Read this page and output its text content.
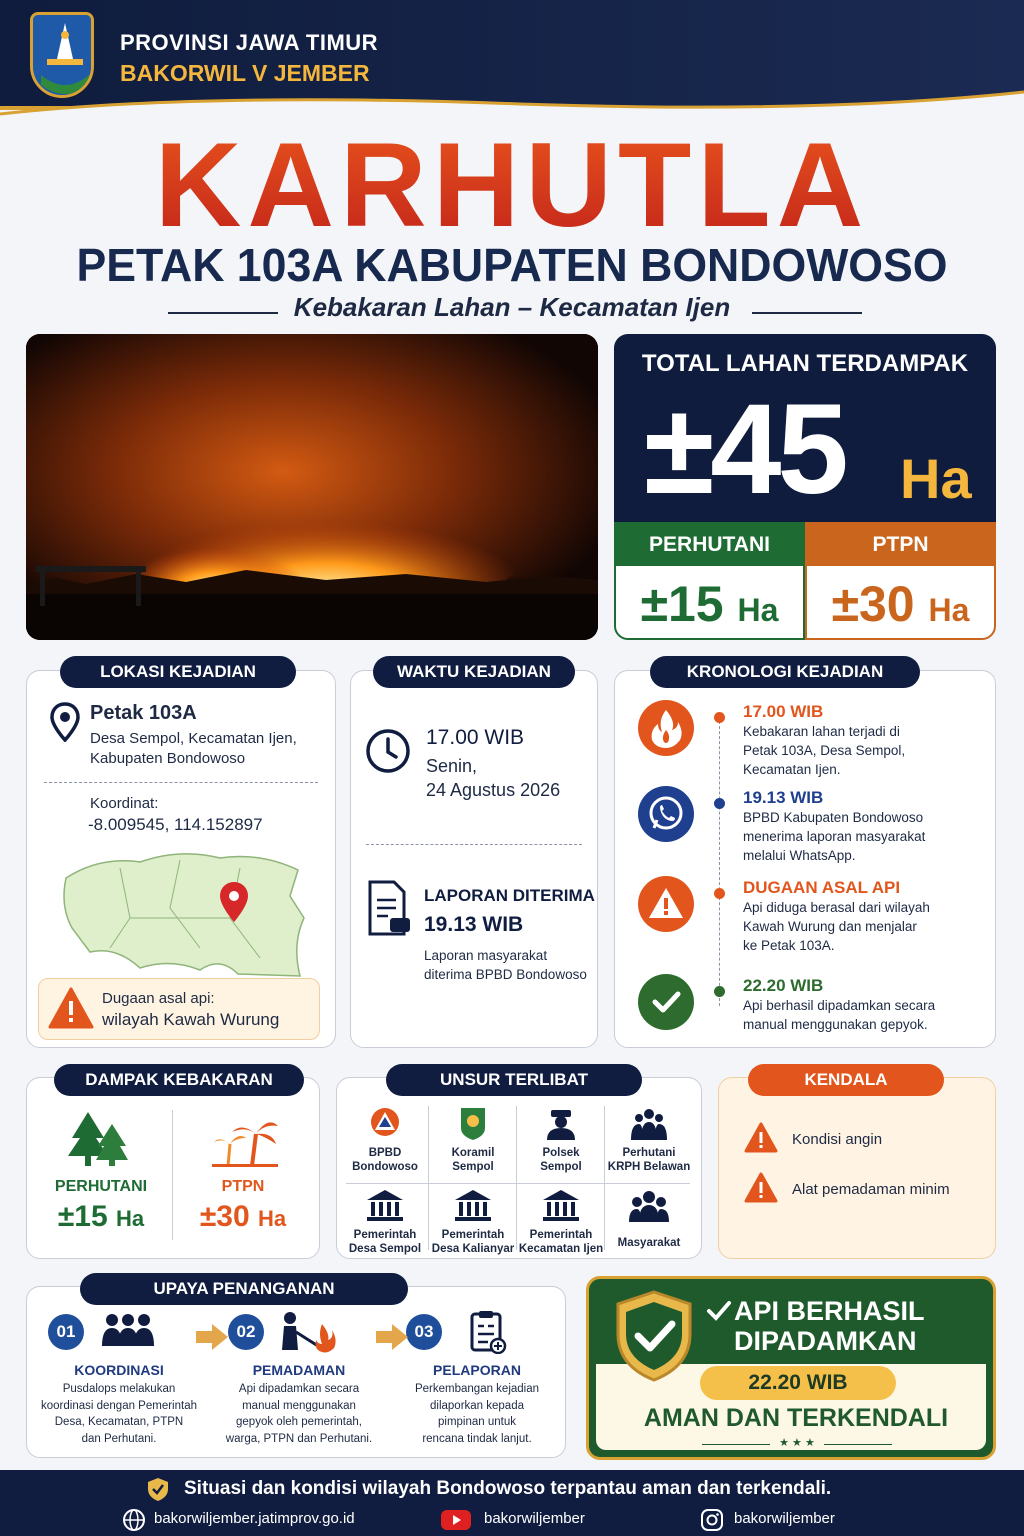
PROVINSI JAWA TIMUR
BAKORWIL V JEMBER
KARHUTLA
PETAK 103A KABUPATEN BONDOWOSO
Kebakaran Lahan – Kecamatan Ijen
TOTAL LAHAN TERDAMPAK
±45 Ha
PERHUTANI
±15 Ha
PTPN
±30 Ha
LOKASI KEJADIAN
Petak 103A
Desa Sempol, Kecamatan Ijen,
Kabupaten Bondowoso
Koordinat:
-8.009545, 114.152897
Dugaan asal api:
wilayah Kawah Wurung
WAKTU KEJADIAN
17.00 WIB
Senin,
24 Agustus 2026
LAPORAN DITERIMA
19.13 WIB
Laporan masyarakat
diterima BPBD Bondowoso
KRONOLOGI KEJADIAN
17.00 WIB
Kebakaran lahan terjadi di
Petak 103A, Desa Sempol,
Kecamatan Ijen.
19.13 WIB
BPBD Kabupaten Bondowoso
menerima laporan masyarakat
melalui WhatsApp.
DUGAAN ASAL API
Api diduga berasal dari wilayah
Kawah Wurung dan menjalar
ke Petak 103A.
22.20 WIB
Api berhasil dipadamkan secara
manual menggunakan gepyok.
DAMPAK KEBAKARAN
PERHUTANI
±15 Ha
PTPN
±30 Ha
UNSUR TERLIBAT
BPBD
Bondowoso
Koramil
Sempol
Polsek
Sempol
Perhutani
KRPH Belawan
Pemerintah
Desa Sempol
Pemerintah
Desa Kalianyar
Pemerintah
Kecamatan Ijen	Masyarakat
KENDALA
Kondisi angin
Alat pemadaman minim
UPAYA PENANGANAN
01
KOORDINASI
Pusdalops melakukan
koordinasi dengan Pemerintah
Desa, Kecamatan, PTPN
dan Perhutani.
02
PEMADAMAN
Api dipadamkan secara
manual menggunakan
gepyok oleh pemerintah,
warga, PTPN dan Perhutani.
03
PELAPORAN
Perkembangan kejadian
dilaporkan kepada
pimpinan untuk
rencana tindak lanjut.
API BERHASIL
DIPADAMKAN
22.20 WIB
AMAN DAN TERKENDALI
★ ★ ★
Situasi dan kondisi wilayah Bondowoso terpantau aman dan terkendali.
bakorwiljember.jatimprov.go.id	bakorwiljember	bakorwiljember
